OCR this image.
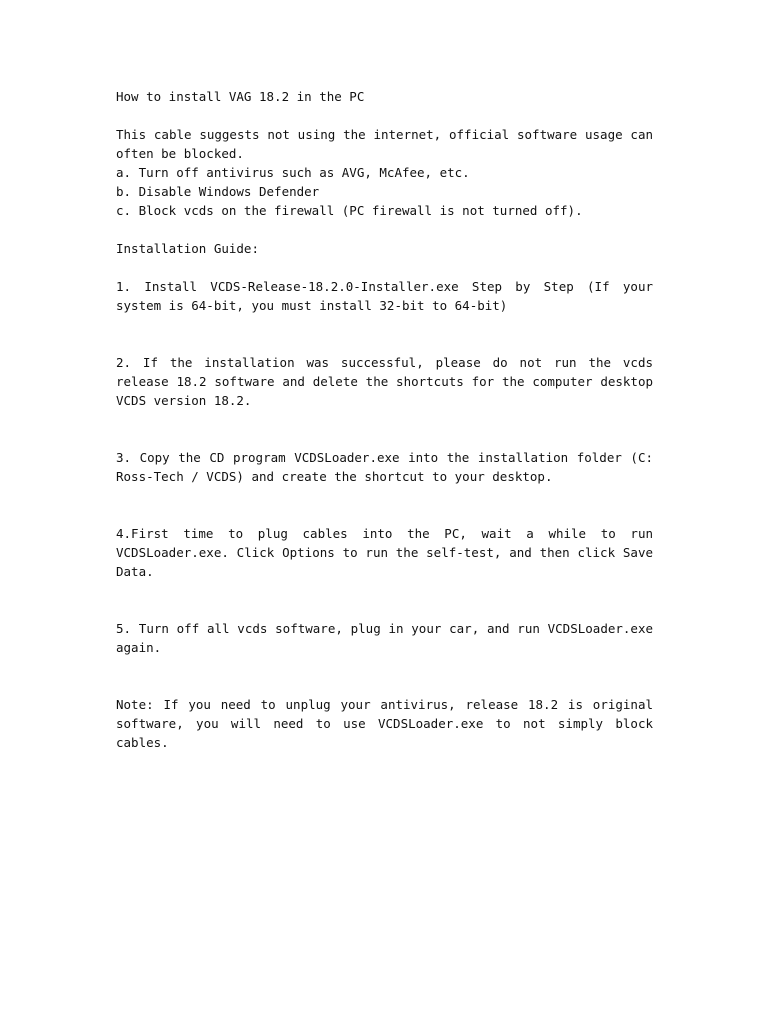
How to install VAG 18.2 in the PC

This cable suggests not using the internet, official software usage can often be blocked.

a. Turn off antivirus such as AVG, McAfee, etc.

b. Disable Windows Defender

c. Block vcds on the firewall (PC firewall is not turned off).

Installation Guide:

1. Install VCDS-Release-18.2.0-Installer.exe Step by Step (If your system is 64-bit, you must install 32-bit to 64-bit)

2. If the installation was successful, please do not run the vcds release 18.2 software and delete the shortcuts for the computer desktop VCDS version 18.2.

3. Copy the CD program VCDSLoader.exe into the installation folder (C: Ross-Tech / VCDS) and create the shortcut to your desktop.

4.First time to plug cables into the PC, wait a while to run VCDSLoader.exe. Click Options to run the self-test, and then click Save Data.

5. Turn off all vcds software, plug in your car, and run VCDSLoader.exe again.

Note: If you need to unplug your antivirus, release 18.2 is original software, you will need to use VCDSLoader.exe to not simply block cables.
